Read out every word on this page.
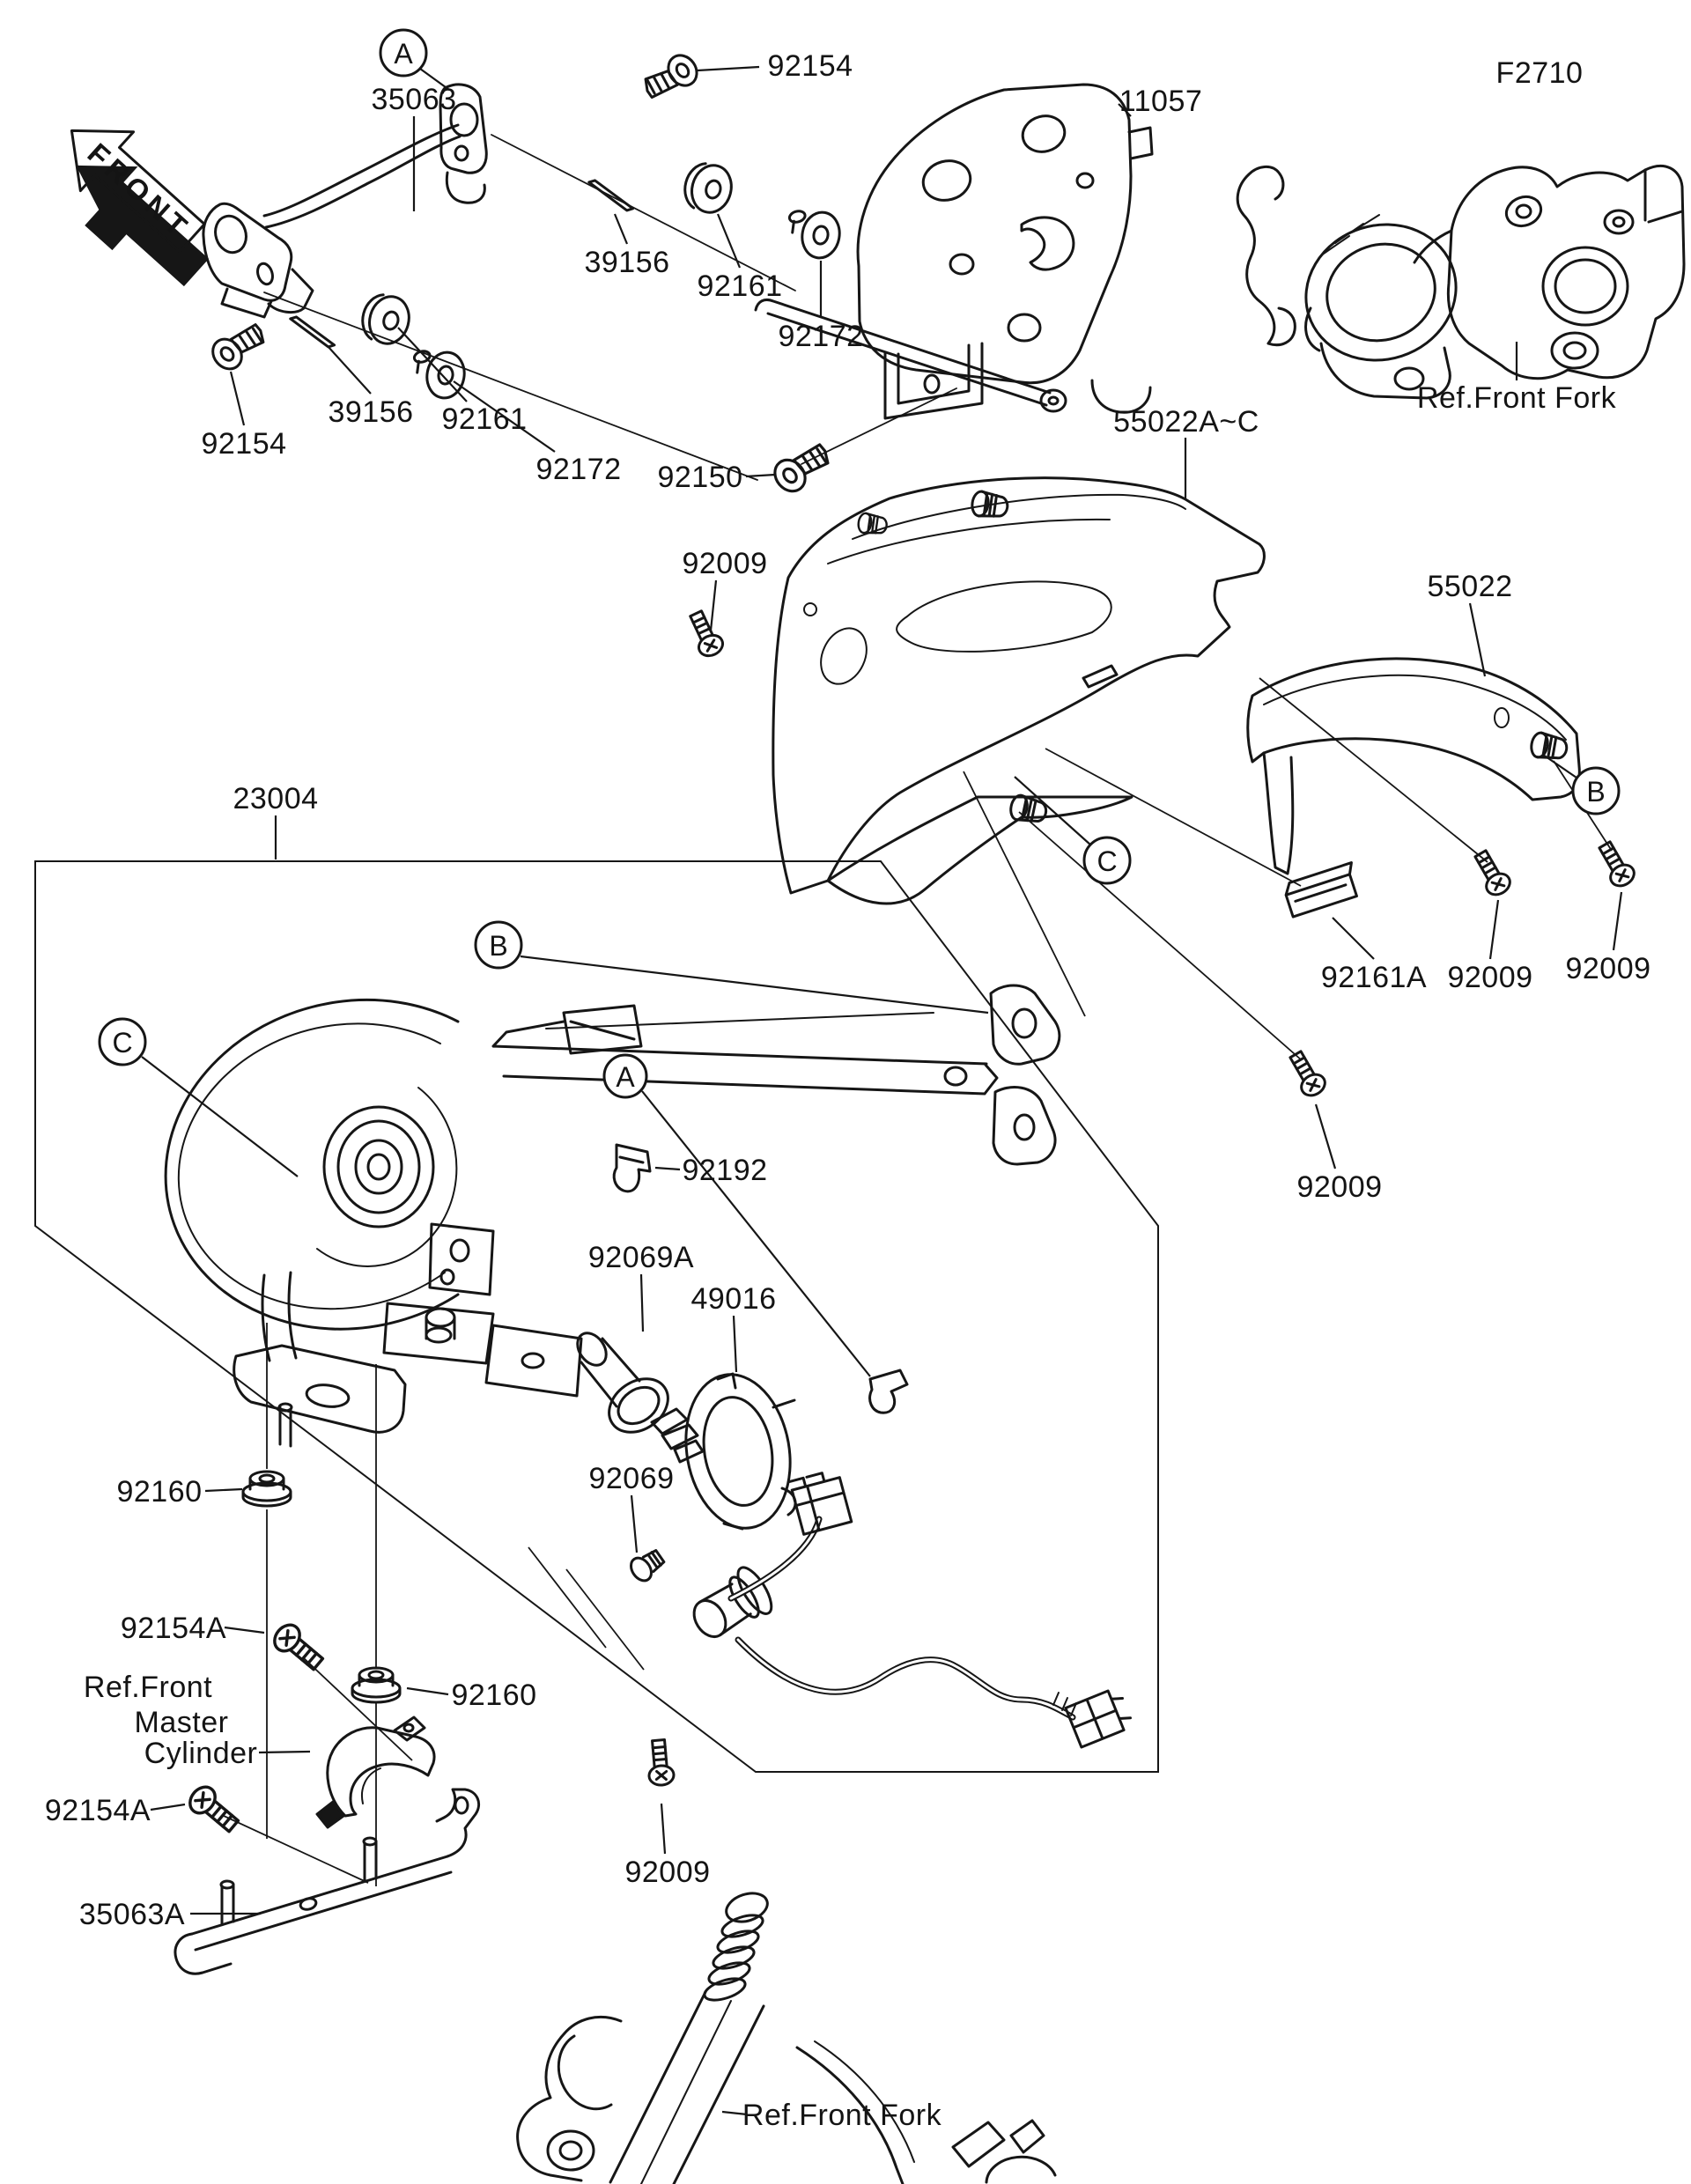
FRONT
92154
35063	11057
F2710
Ref.Front Fork
39156
92161
92172
92154
39156 92161
92172 92150
55022A~C
92009
55022
92161A 92009 92009
92009
23004
92192
92069A
49016
92069
92160
92154A
Ref.Front
Master
Cylinder
92160
92154A
35063A
92009
Ref.Front Fork
A
B
C
B
C
A
